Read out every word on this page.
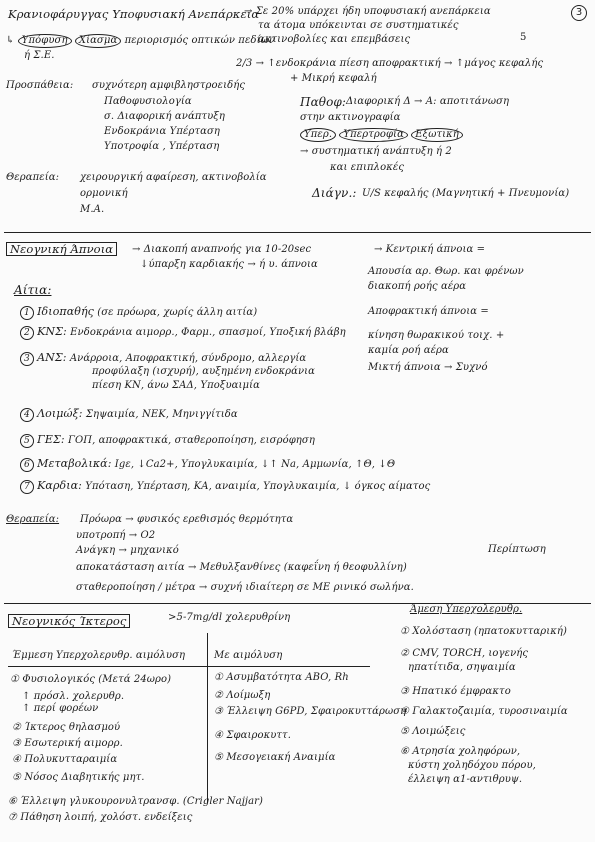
3
5
Κρανιοφάρυγγας Υποφυσιακή Ανεπάρκεια
→ Σε 20% υπάρχει ήδη υποφυσιακή ανεπάρκεια
τα άτομα υπόκεινται σε συστηματικές
ακτινοβολίες και επεμβάσεις
↳ Υπόφυση Χίασμα περιορισμός οπτικών πεδίων
ή Σ.Ε.
Προσπάθεια: συχνότερη αμφιβληστροειδής
Παθοφυσιολογία
σ. Διαφορική ανάπτυξη
Ενδοκράνια Υπέρταση
Υποτροφία , Υπέρταση
Θεραπεία: χειρουργική αφαίρεση, ακτινοβολία
ορμονική
Μ.Α.
2/3 → ↑ενδοκράνια πίεση αποφρακτική → ↑μάγος κεφαλής
+ Μικρή κεφαλή
Παθοφ: Διαφορική Δ → Α: αποτιτάνωση
στην ακτινογραφία
Υπερ. Υπερτροφία Εξωτική
→ συστηματική ανάπτυξη ή 2
και επιπλοκές
Διάγν.: U/S κεφαλής (Μαγνητική + Πνευμονία)
Νεογνική Άπνοια	→ Διακοπή αναπνοής για 10-20sec
↓ύπαρξη καρδιακής → ή υ. άπνοια
→ Κεντρική άπνοια =
Απουσία αρ. Θωρ. και φρένων
διακοπή ροής αέρα
Αποφρακτική άπνοια =
κίνηση θωρακικού τοιχ. +
καμία ροή αέρα
Μικτή άπνοια → Συχνό
Αίτια:
1 Ιδιοπαθής (σε πρόωρα, χωρίς άλλη αιτία)
2 ΚΝΣ: Ενδοκράνια αιμορρ., Φαρμ., σπασμοί, Υποξική βλάβη
3 ΑΝΣ: Ανάρροια, Αποφρακτική, σύνδρομο, αλλεργία
προφύλαξη (ισχυρή), αυξημένη ενδοκράνια
πίεση ΚΝ, άνω ΣΑΔ, Υποξυαιμία
4 Λοιμώξ: Σηψαιμία, NEK, Μηνιγγίτιδα
5 ΓΕΣ: ΓΟΠ, αποφρακτικά, σταθεροποίηση, εισρόφηση
6 Μεταβολικά: Ιgε, ↓Ca2+, Υπογλυκαιμία, ↓↑ Na, Αμμωνία, ↑Θ, ↓Θ
7 Καρδια: Υπόταση, Υπέρταση, ΚΑ, αναιμία, Υπογλυκαιμία, ↓ όγκος αίματος
Θεραπεία: Πρόωρα → φυσικός ερεθισμός θερμότητα
υποτροπή → O2
Ανάγκη → μηχανικό
αποκατάσταση αιτία → Μεθυλξανθίνες (καφεΐνη ή θεοφυλλίνη)
σταθεροποίηση / μέτρα → συχνή ιδιαίτερη σε ΜΕ ρινικό σωλήνα.
Περίπτωση
Νεογνικός Ίκτερος	>5-7mg/dl χολερυθρίνη
Άμεση Υπερχολερυθρ.
Έμμεση Υπερχολερυθρ. αιμόλυση	Με αιμόλυση
① Φυσιολογικός (Μετά 24ωρο)
↑ πρόσλ. χολερυθρ.
↑ περί φορέων
② Ίκτερος θηλασμού
③ Εσωτερική αιμορρ.
④ Πολυκυτταραιμία
⑤ Νόσος Διαβητικής μητ.
⑥ Έλλειψη γλυκουρονυλτρανσφ. (Crigler Najjar)
⑦ Πάθηση λοιπή, χολόστ. ενδείξεις
① Ασυμβατότητα ABO, Rh
② Λοίμωξη
③ Έλλειψη G6PD, Σφαιροκυττάρωση
④ Σφαιροκυττ.
⑤ Μεσογειακή Αναιμία
① Χολόσταση (ηπατοκυτταρική)
② CMV, TORCH, ιογενής
ηπατίτιδα, σηψαιμία
③ Ηπατικό έμφρακτο
④ Γαλακτοζαιμία, τυροσιναιμία
⑤ Λοιμώξεις
⑥ Ατρησία χοληφόρων,
κύστη χοληδόχου πόρου,
έλλειψη α1-αντιθρυψ.
